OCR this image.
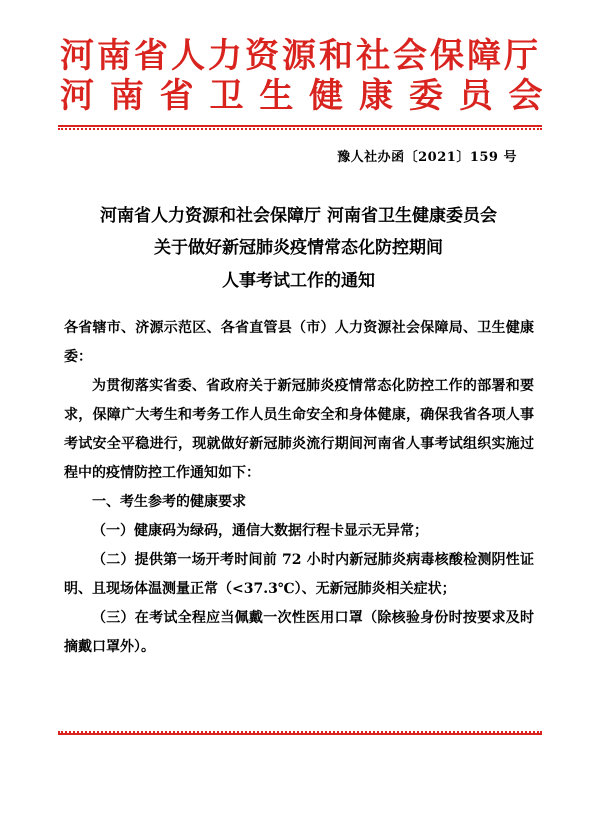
河南省人力资源和社会保障厅
河 南 省 卫 生 健 康 委 员 会
豫人社办函〔2021〕159 号
河南省人力资源和社会保障厅 河南省卫生健康委员会
关于做好新冠肺炎疫情常态化防控期间
人事考试工作的通知

各省辖市、济源示范区、各省直管县（市）人力资源社会保障局、卫生健康委：

为贯彻落实省委、省政府关于新冠肺炎疫情常态化防控工作的部署和要求，保障广大考生和考务工作人员生命安全和身体健康，确保我省各项人事考试安全平稳进行，现就做好新冠肺炎流行期间河南省人事考试组织实施过程中的疫情防控工作通知如下：

一、考生参考的健康要求

（一）健康码为绿码，通信大数据行程卡显示无异常；

（二）提供第一场开考时间前 72 小时内新冠肺炎病毒核酸检测阴性证明、且现场体温测量正常（<37.3℃）、无新冠肺炎相关症状；

（三）在考试全程应当佩戴一次性医用口罩（除核验身份时按要求及时摘戴口罩外）。
